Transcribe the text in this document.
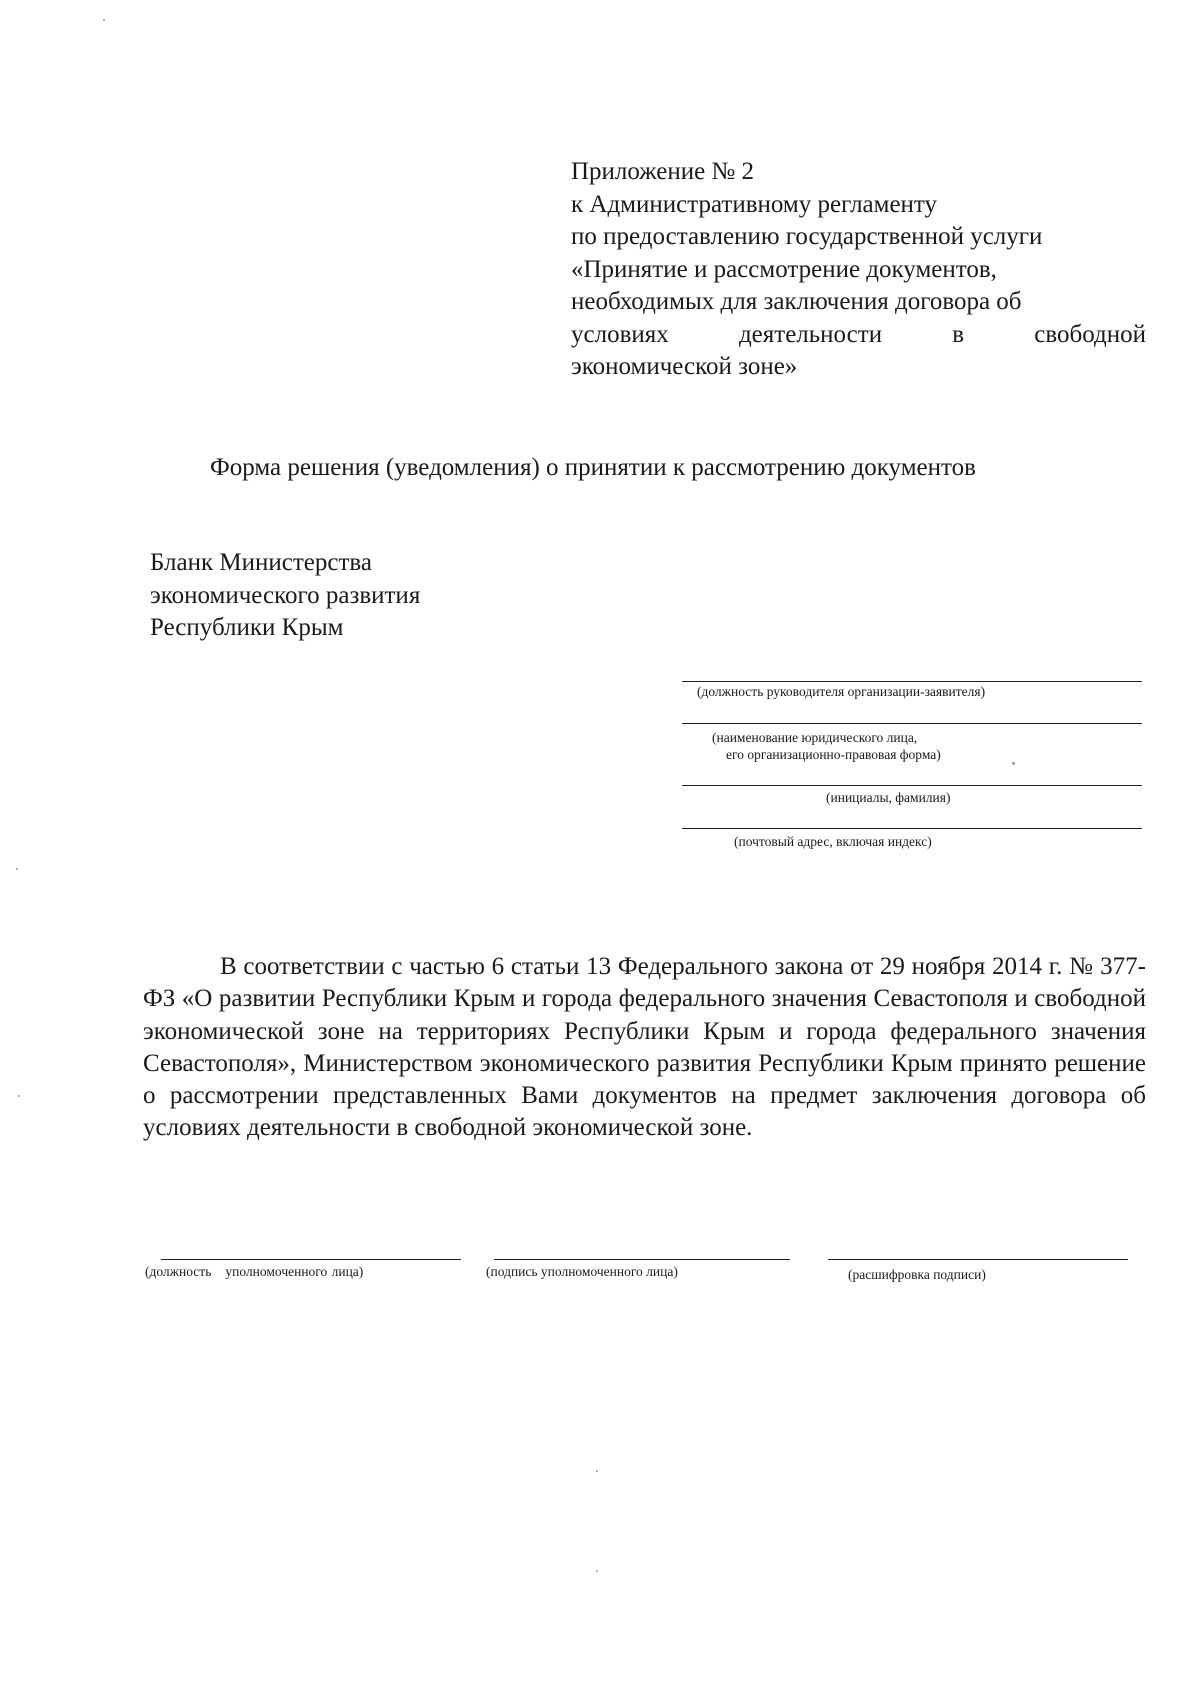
Приложение № 2
к Административному регламенту
по предоставлению государственной услуги
«Принятие и рассмотрение документов,
необходимых для заключения договора об
условиях	деятельности	в	свободной
экономической зоне»
Форма решения (уведомления) о принятии к рассмотрению документов
Бланк Министерства
экономического развития
Республики Крым
(должность руководителя организации-заявителя)
(наименование юридического лица,
его организационно-правовая форма)
(инициалы, фамилия)
(почтовый адрес, включая индекс)
В соответствии с частью 6 статьи 13 Федерального закона от 29 ноября 2014 г. № 377-ФЗ «О развитии Республики Крым и города федерального значения Севастополя и свободной экономической зоне на территориях Республики Крым и города федерального значения Севастополя», Министерством экономического развития Республики Крым принято решение о рассмотрении представленных Вами документов на предмет заключения договора об условиях деятельности в свободной экономической зоне.
(должность уполномоченного лица)	(подпись уполномоченного лица)	(расшифровка подписи)
